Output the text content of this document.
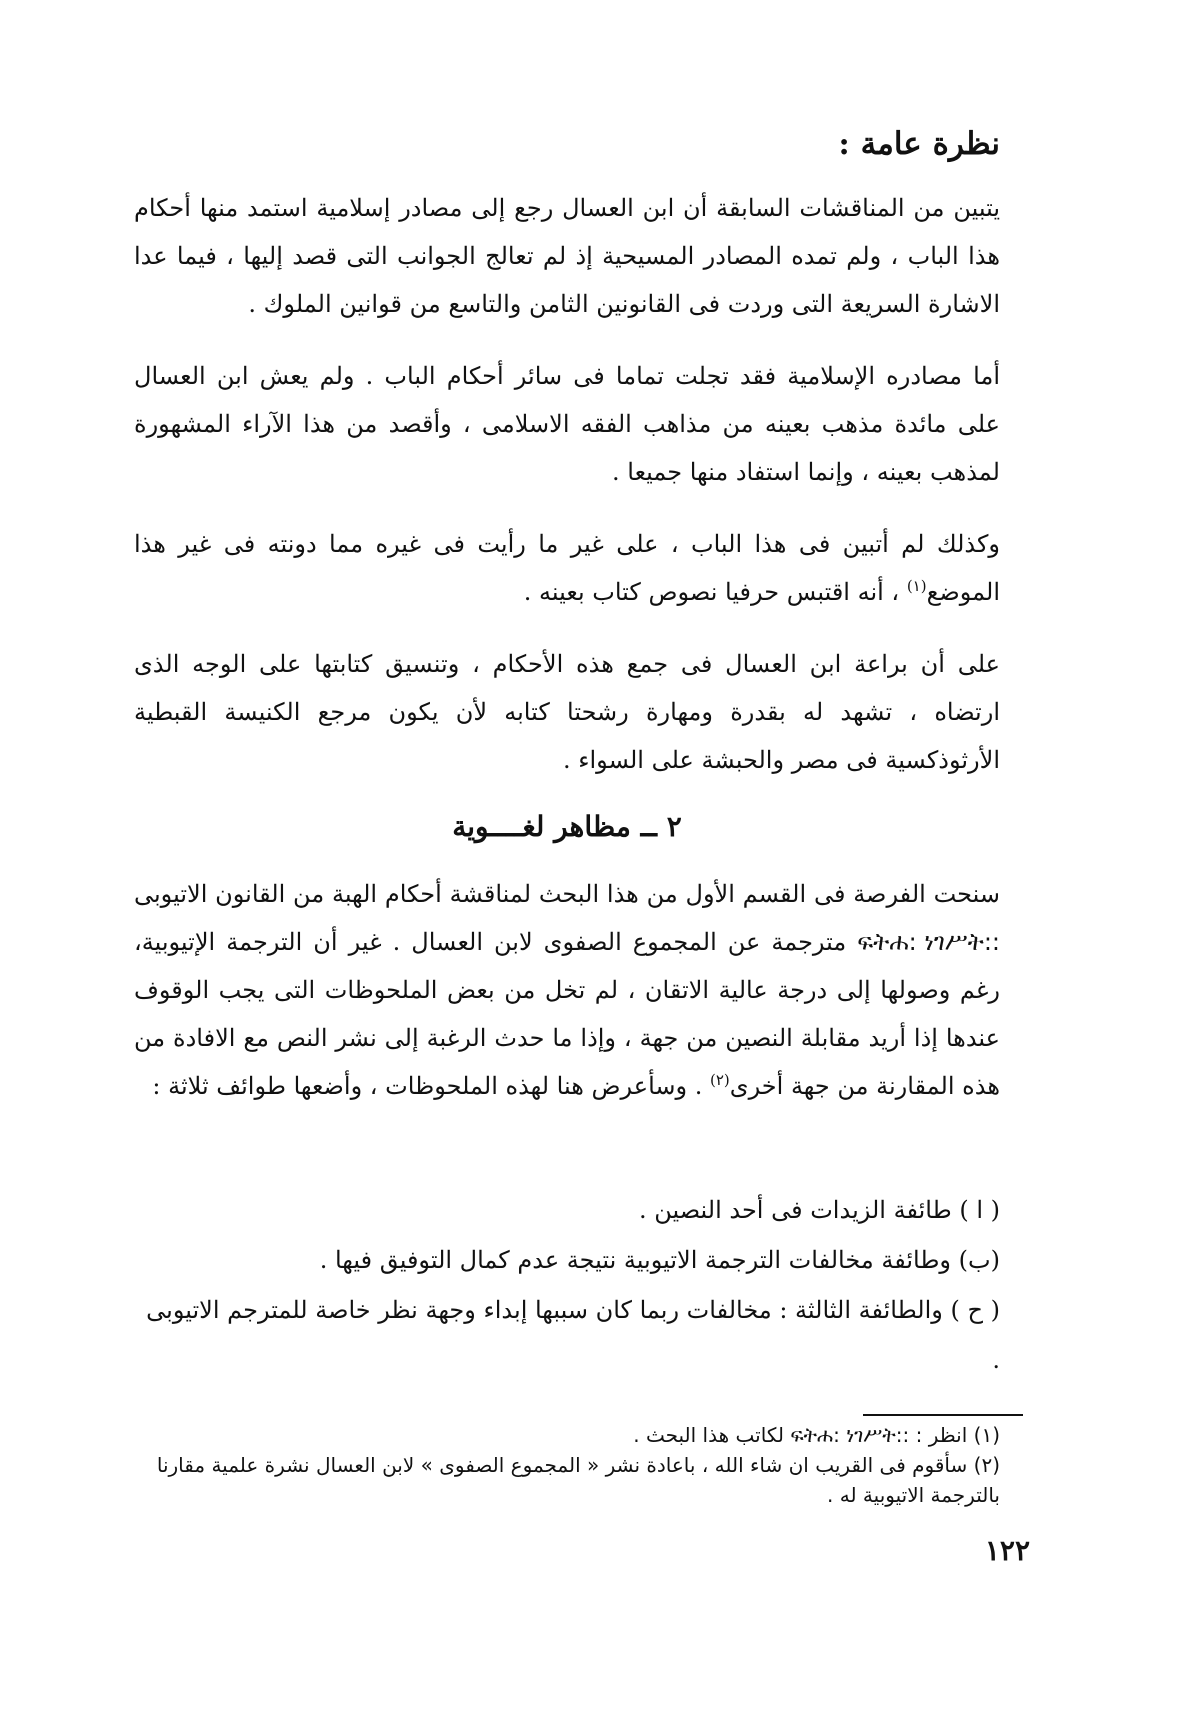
نظرة عامة :
يتبين من المناقشات السابقة أن ابن العسال رجع إلى مصادر إسلامية استمد منها أحكام هذا الباب ، ولم تمده المصادر المسيحية إذ لم تعالج الجوانب التى قصد إليها ، فيما عدا الاشارة السريعة التى وردت فى القانونين الثامن والتاسع من قوانين الملوك .
أما مصادره الإسلامية فقد تجلت تماما فى سائر أحكام الباب . ولم يعش ابن العسال على مائدة مذهب بعينه من مذاهب الفقه الاسلامى ، وأقصد من هذا الآراء المشهورة لمذهب بعينه ، وإنما استفاد منها جميعا .
وكذلك لم أتبين فى هذا الباب ، على غير ما رأيت فى غيره مما دونته فى غير هذا الموضع$^{(١)}$ ، أنه اقتبس حرفيا نصوص كتاب بعينه .
على أن براعة ابن العسال فى جمع هذه الأحكام ، وتنسيق كتابتها على الوجه الذى ارتضاه ، تشهد له بقدرة ومهارة رشحتا كتابه لأن يكون مرجع الكنيسة القبطية الأرثوذكسية فى مصر والحبشة على السواء .
٢ ــ مظاهر لغــــوية
سنحت الفرصة فى القسم الأول من هذا البحث لمناقشة أحكام الهبة من القانون الاتيوبى ፍትሐ: ነገሥት:: مترجمة عن المجموع الصفوى لابن العسال . غير أن الترجمة الإتيوبية، رغم وصولها إلى درجة عالية الاتقان ، لم تخل من بعض الملحوظات التى يجب الوقوف عندها إذا أريد مقابلة النصين من جهة ، وإذا ما حدث الرغبة إلى نشر النص مع الافادة من هذه المقارنة من جهة أخرى$^{(٢)}$ . وسأعرض هنا لهذه الملحوظات ، وأضعها طوائف ثلاثة :
( ا ) طائفة الزيدات فى أحد النصين .
(ب) وطائفة مخالفات الترجمة الاتيوبية نتيجة عدم كمال التوفيق فيها .
( ح ) والطائفة الثالثة : مخالفات ربما كان سببها إبداء وجهة نظر خاصة للمترجم الاتيوبى .

(١) انظر : ፍትሐ: ነገሥት:: لكاتب هذا البحث .

(٢) سأقوم فى القريب ان شاء الله ، باعادة نشر « المجموع الصفوى » لابن العسال نشرة علمية مقارنا بالترجمة الاتيوبية له .

١٢٢
